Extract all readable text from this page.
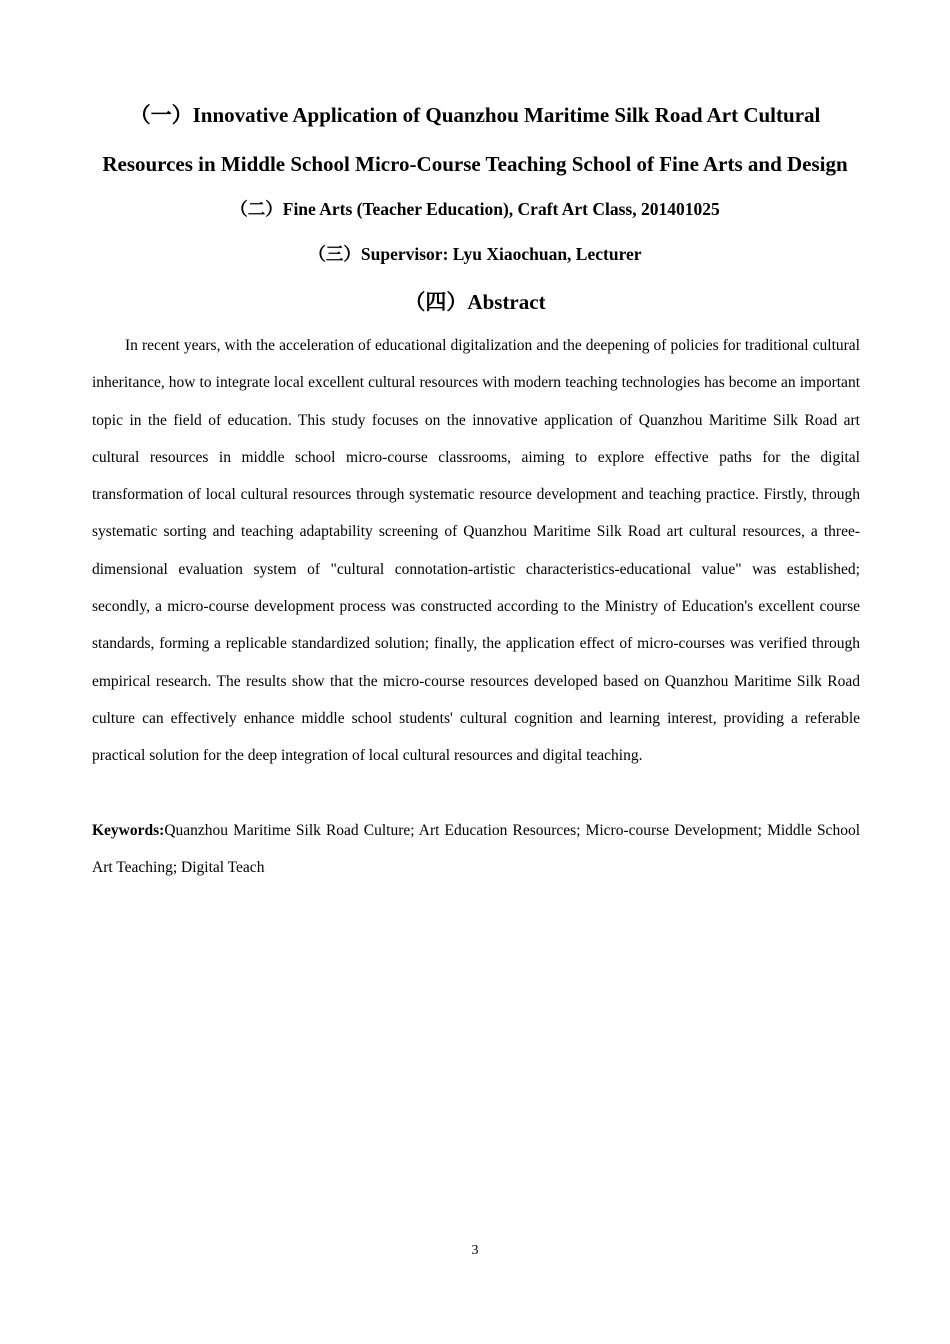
（一）Innovative Application of Quanzhou Maritime Silk Road Art Cultural
Resources in Middle School Micro-Course Teaching School of Fine Arts and Design
（二）Fine Arts (Teacher Education), Craft Art Class, 201401025
（三）Supervisor: Lyu Xiaochuan, Lecturer
（四）Abstract
In recent years, with the acceleration of educational digitalization and the deepening of policies for traditional cultural inheritance, how to integrate local excellent cultural resources with modern teaching technologies has become an important topic in the field of education. This study focuses on the innovative application of Quanzhou Maritime Silk Road art cultural resources in middle school micro-course classrooms, aiming to explore effective paths for the digital transformation of local cultural resources through systematic resource development and teaching practice. Firstly, through systematic sorting and teaching adaptability screening of Quanzhou Maritime Silk Road art cultural resources, a three-dimensional evaluation system of "cultural connotation-artistic characteristics-educational value" was established; secondly, a micro-course development process was constructed according to the Ministry of Education's excellent course standards, forming a replicable standardized solution; finally, the application effect of micro-courses was verified through empirical research. The results show that the micro-course resources developed based on Quanzhou Maritime Silk Road culture can effectively enhance middle school students' cultural cognition and learning interest, providing a referable practical solution for the deep integration of local cultural resources and digital teaching.
Keywords:Quanzhou Maritime Silk Road Culture; Art Education Resources; Micro-course Development; Middle School Art Teaching; Digital Teach
3
